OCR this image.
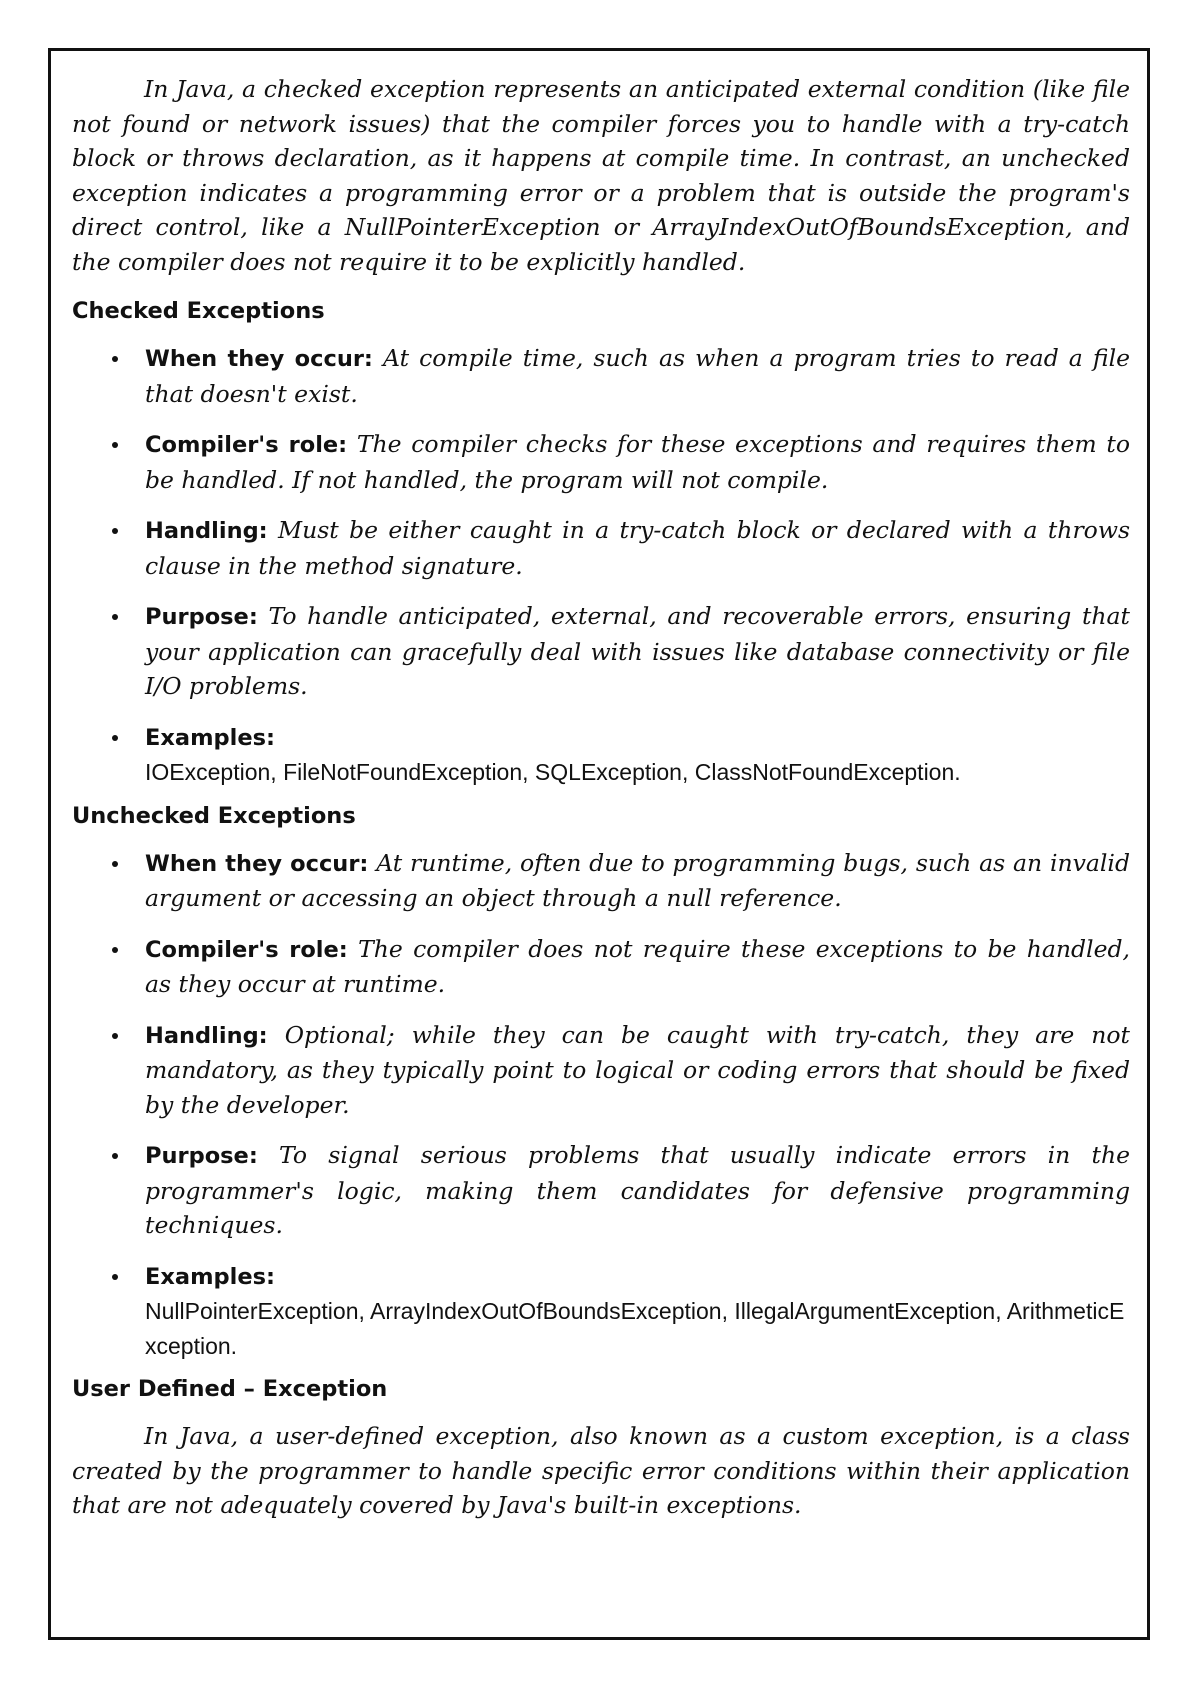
In Java, a checked exception represents an anticipated external condition (like file not found or network issues) that the compiler forces you to handle with a try-catch block or throws declaration, as it happens at compile time. In contrast, an unchecked exception indicates a programming error or a problem that is outside the program's direct control, like a NullPointerException or ArrayIndexOutOfBoundsException, and the compiler does not require it to be explicitly handled.

Checked Exceptions
When they occur: At compile time, such as when a program tries to read a file that doesn't exist.
Compiler's role: The compiler checks for these exceptions and requires them to be handled. If not handled, the program will not compile.
Handling: Must be either caught in a try-catch block or declared with a throws clause in the method signature.
Purpose: To handle anticipated, external, and recoverable errors, ensuring that your application can gracefully deal with issues like database connectivity or file I/O problems.
Examples:
IOException, FileNotFoundException, SQLException, ClassNotFoundException.
Unchecked Exceptions
When they occur: At runtime, often due to programming bugs, such as an invalid argument or accessing an object through a null reference.
Compiler's role: The compiler does not require these exceptions to be handled, as they occur at runtime.
Handling: Optional; while they can be caught with try-catch, they are not mandatory, as they typically point to logical or coding errors that should be fixed by the developer.
Purpose: To signal serious problems that usually indicate errors in the programmer's logic, making them candidates for defensive programming techniques.
Examples:
NullPointerException, ArrayIndexOutOfBoundsException, IllegalArgumentException, ArithmeticException.
User Defined – Exception

In Java, a user-defined exception, also known as a custom exception, is a class created by the programmer to handle specific error conditions within their application that are not adequately covered by Java's built-in exceptions.
